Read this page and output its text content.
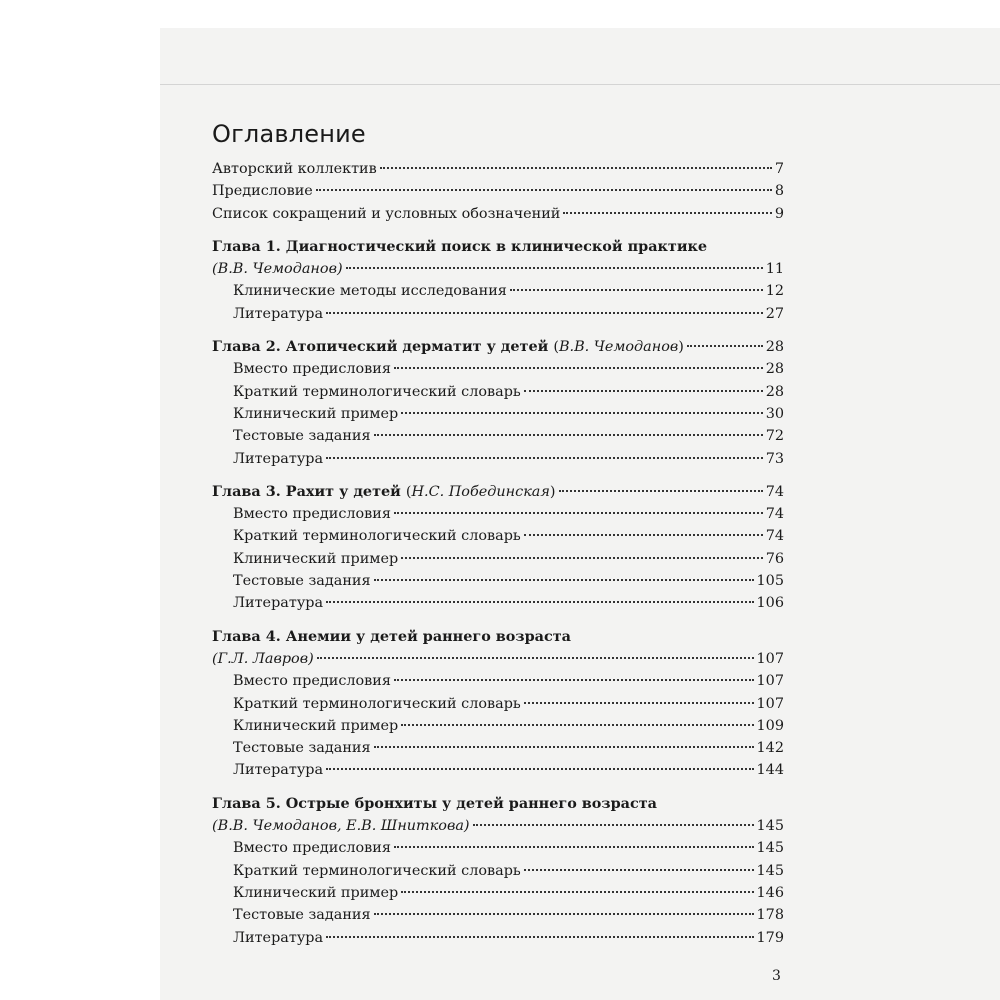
Оглавление
Авторский коллектив	7
Предисловие	8
Список сокращений и условных обозначений	9
Глава 1. Диагностический поиск в клинической практике
(В.В. Чемоданов)	11
Клинические методы исследования	12
Литература	27
Глава 2. Атопический дерматит у детей (В.В. Чемоданов)	28
Вместо предисловия	28
Краткий терминологический словарь	28
Клинический пример	30
Тестовые задания	72
Литература	73
Глава 3. Рахит у детей (Н.С. Побединская)	74
Вместо предисловия	74
Краткий терминологический словарь	74
Клинический пример	76
Тестовые задания	105
Литература	106
Глава 4. Анемии у детей раннего возраста
(Г.Л. Лавров)	107
Вместо предисловия	107
Краткий терминологический словарь	107
Клинический пример	109
Тестовые задания	142
Литература	144
Глава 5. Острые бронхиты у детей раннего возраста
(В.В. Чемоданов, Е.В. Шниткова)	145
Вместо предисловия	145
Краткий терминологический словарь	145
Клинический пример	146
Тестовые задания	178
Литература	179
3
